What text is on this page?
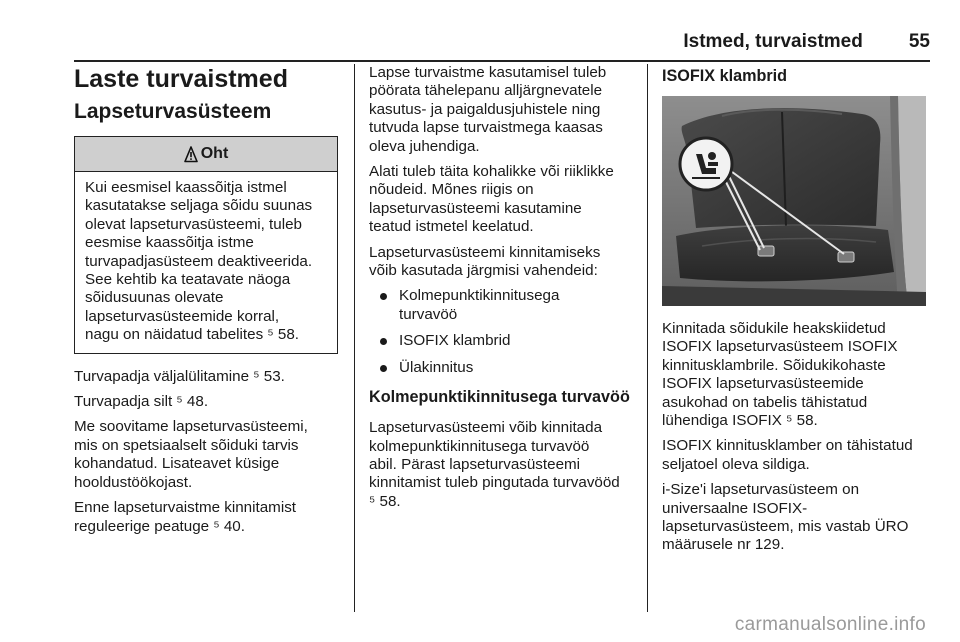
Istmed, turvaistmed 55
Laste turvaistmed
Lapseturvasüsteem
Oht
Kui eesmisel kaassõitja istmel
kasutatakse seljaga sõidu suunas
olevat lapseturvasüsteemi, tuleb
eesmise kaassõitja istme
turvapadjasüsteem deaktiveerida.
See kehtib ka teatavate näoga
sõidusuunas olevate
lapseturvasüsteemide korral,
nagu on näidatud tabelites ⁵ 58.

Turvapadja väljalülitamine ⁵ 53.

Turvapadja silt ⁵ 48.

Me soovitame lapseturvasüsteemi,
mis on spetsiaalselt sõiduki tarvis
kohandatud. Lisateavet küsige
hooldustöökojast.

Enne lapseturvaistme kinnitamist
reguleerige peatuge ⁵ 40.

Lapse turvaistme kasutamisel tuleb
pöörata tähelepanu alljärgnevatele
kasutus- ja paigaldusjuhistele ning
tutvuda lapse turvaistmega kaasas
oleva juhendiga.

Alati tuleb täita kohalikke või riiklikke
nõudeid. Mõnes riigis on
lapseturvasüsteemi kasutamine
teatud istmetel keelatud.

Lapseturvasüsteemi kinnitamiseks
võib kasutada järgmisi vahendeid:

Kolmepunktikinnitusega
turvavöö
ISOFIX klambrid
Ülakinnitus
Kolmepunktikinnitusega turvavöö

Lapseturvasüsteemi võib kinnitada
kolmepunktikinnitusega turvavöö
abil. Pärast lapseturvasüsteemi
kinnitamist tuleb pingutada turvavööd
⁵ 58.

ISOFIX klambrid

Kinnitada sõidukile heakskiidetud
ISOFIX lapseturvasüsteem ISOFIX
kinnitusklambrile. Sõidukikohaste
ISOFIX lapseturvasüsteemide
asukohad on tabelis tähistatud
lühendiga ISOFIX ⁵ 58.

ISOFIX kinnitusklamber on tähistatud
seljatoel oleva sildiga.

i-Size'i lapseturvasüsteem on
universaalne ISOFIX-
lapseturvasüsteem, mis vastab ÜRO
määrusele nr 129.

carmanualsonline.info
